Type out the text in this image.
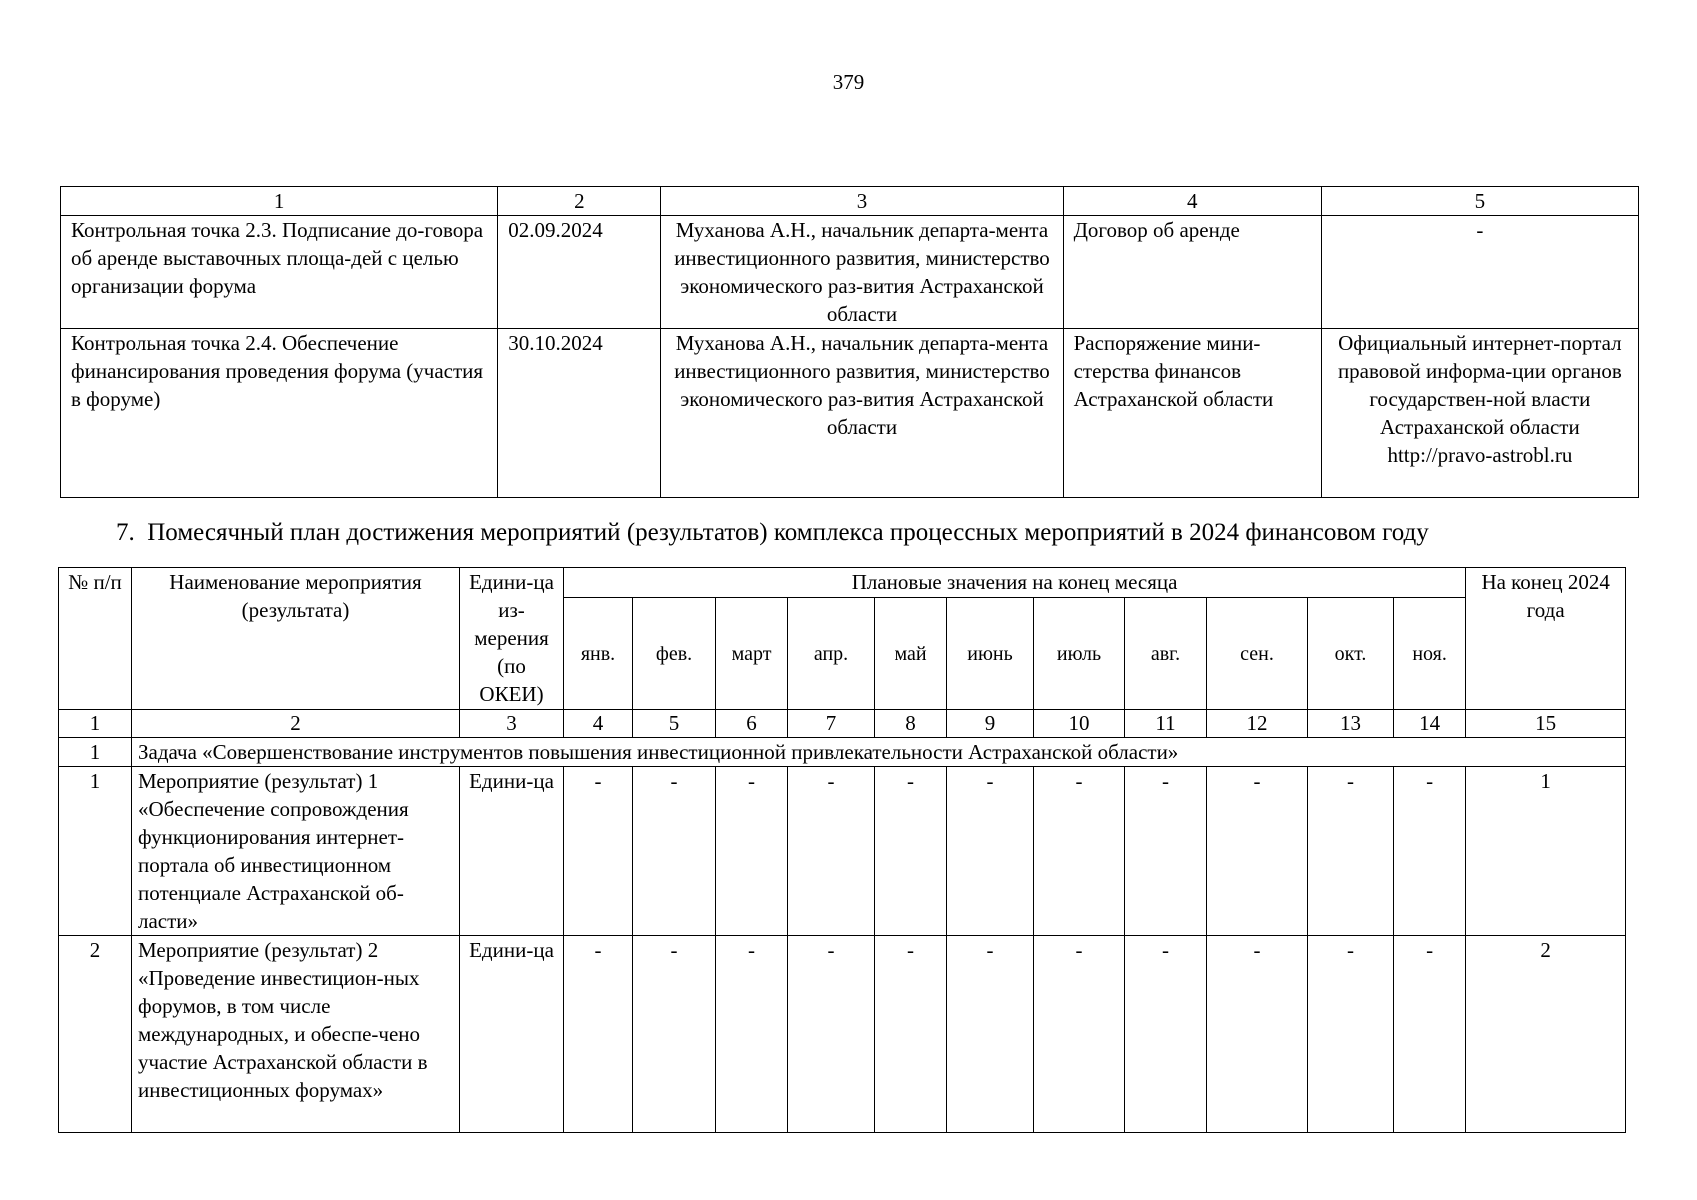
379
1	2	3	4	5
Контрольная точка 2.3. Подписание до-говора об аренде выставочных площа-дей с целью организации форума	02.09.2024	Муханова А.Н., начальник департа-мента инвестиционного развития, министерство экономического раз-вития Астраханской области	Договор об аренде	-
Контрольная точка 2.4. Обеспечение финансирования проведения форума (участия в форуме)	30.10.2024	Муханова А.Н., начальник департа-мента инвестиционного развития, министерство экономического раз-вития Астраханской области	Распоряжение мини-стерства финансов Астраханской области	Официальный интернет-портал правовой информа-ции органов государствен-ной власти Астраханской области http://pravo-astrobl.ru
7. Помесячный план достижения мероприятий (результатов) комплекса процессных мероприятий в 2024 финансовом году
№ п/п	Наименование мероприятия (результата)	Едини-ца из-мерения (по ОКЕИ)	Плановые значения на конец месяца											На конец 2024 года
			янв.	фев.	март	апр.	май	июнь	июль	авг.	сен.	окт.	ноя.	
1	2	3	4	5	6	7	8	9	10	11	12	13	14	15
1	Задача «Совершенствование инструментов повышения инвестиционной привлекательности Астраханской области»													
1	Мероприятие (результат) 1 «Обеспечение сопровождения функционирования интернет-портала об инвестиционном потенциале Астраханской об-ласти»	Едини-ца	-	-	-	-	-	-	-	-	-	-	-	1
2	Мероприятие (результат) 2 «Проведение инвестицион-ных форумов, в том числе международных, и обеспе-чено участие Астраханской области в инвестиционных форумах»	Едини-ца	-	-	-	-	-	-	-	-	-	-	-	2
